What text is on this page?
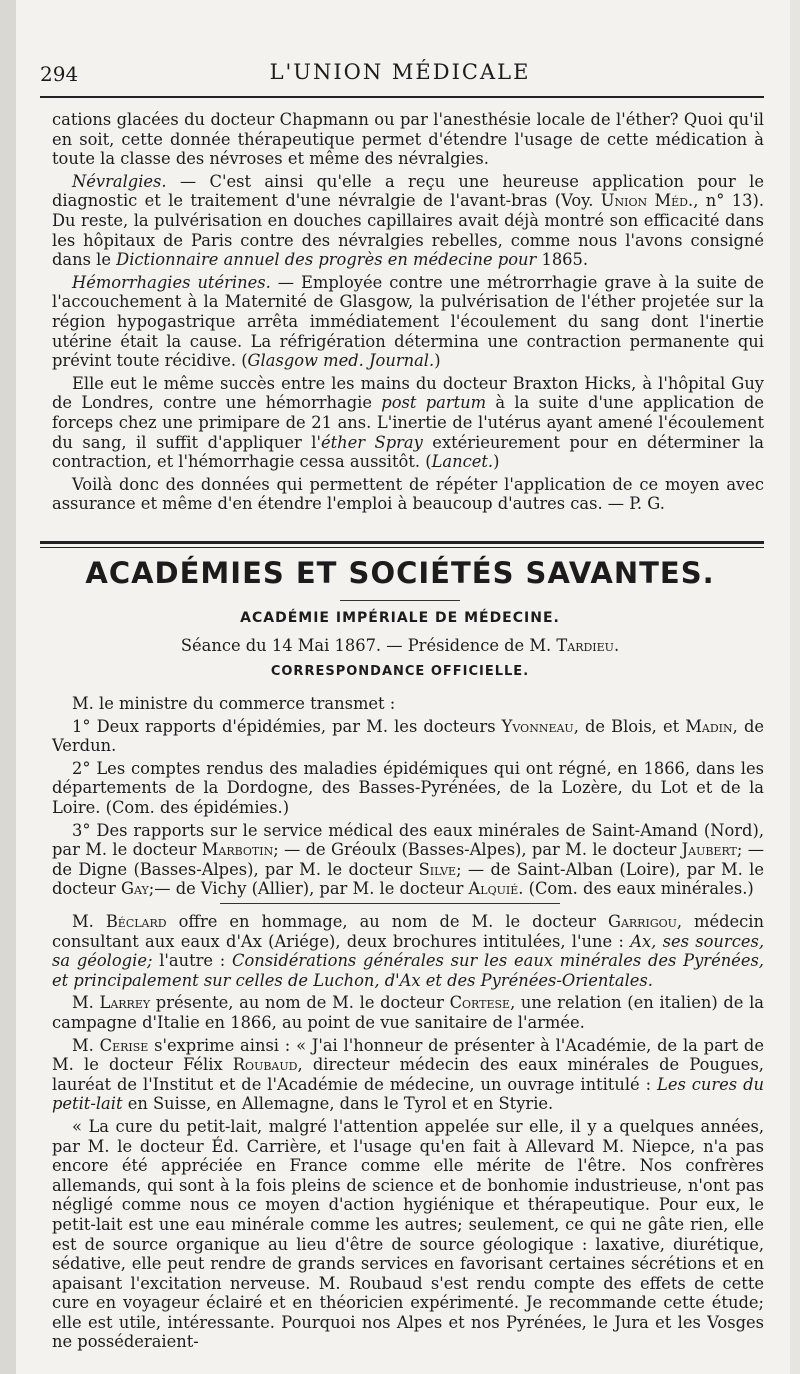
294	L'UNION MÉDICALE

cations glacées du docteur Chapmann ou par l'anesthésie locale de l'éther? Quoi qu'il en soit, cette donnée thérapeutique permet d'étendre l'usage de cette médication à toute la classe des névroses et même des névralgies.

Névralgies. — C'est ainsi qu'elle a reçu une heureuse application pour le diagnostic et le traitement d'une névralgie de l'avant-bras (Voy. Union Méd., n° 13). Du reste, la pulvérisation en douches capillaires avait déjà montré son efficacité dans les hôpitaux de Paris contre des névralgies rebelles, comme nous l'avons consigné dans le Dictionnaire annuel des progrès en médecine pour 1865.

Hémorrhagies utérines. — Employée contre une métrorrhagie grave à la suite de l'accouchement à la Maternité de Glasgow, la pulvérisation de l'éther projetée sur la région hypogastrique arrêta immédiatement l'écoulement du sang dont l'inertie utérine était la cause. La réfrigération détermina une contraction permanente qui prévint toute récidive. (Glasgow med. Journal.)

Elle eut le même succès entre les mains du docteur Braxton Hicks, à l'hôpital Guy de Londres, contre une hémorrhagie post partum à la suite d'une application de forceps chez une primipare de 21 ans. L'inertie de l'utérus ayant amené l'écoulement du sang, il suffit d'appliquer l'éther Spray extérieurement pour en déterminer la contraction, et l'hémorrhagie cessa aussitôt. (Lancet.)

Voilà donc des données qui permettent de répéter l'application de ce moyen avec assurance et même d'en étendre l'emploi à beaucoup d'autres cas. — P. G.

ACADÉMIES ET SOCIÉTÉS SAVANTES.
ACADÉMIE IMPÉRIALE DE MÉDECINE.
Séance du 14 Mai 1867. — Présidence de M. Tardieu.
CORRESPONDANCE OFFICIELLE.

M. le ministre du commerce transmet :

1° Deux rapports d'épidémies, par M. les docteurs Yvonneau, de Blois, et Madin, de Verdun.

2° Les comptes rendus des maladies épidémiques qui ont régné, en 1866, dans les départements de la Dordogne, des Basses-Pyrénées, de la Lozère, du Lot et de la Loire. (Com. des épidémies.)

3° Des rapports sur le service médical des eaux minérales de Saint-Amand (Nord), par M. le docteur Marbotin; — de Gréoulx (Basses-Alpes), par M. le docteur Jaubert; — de Digne (Basses-Alpes), par M. le docteur Silve; — de Saint-Alban (Loire), par M. le docteur Gay;— de Vichy (Allier), par M. le docteur Alquié. (Com. des eaux minérales.)

M. Béclard offre en hommage, au nom de M. le docteur Garrigou, médecin consultant aux eaux d'Ax (Ariége), deux brochures intitulées, l'une : Ax, ses sources, sa géologie; l'autre : Considérations générales sur les eaux minérales des Pyrénées, et principalement sur celles de Luchon, d'Ax et des Pyrénées-Orientales.

M. Larrey présente, au nom de M. le docteur Cortese, une relation (en italien) de la campagne d'Italie en 1866, au point de vue sanitaire de l'armée.

M. Cerise s'exprime ainsi : « J'ai l'honneur de présenter à l'Académie, de la part de M. le docteur Félix Roubaud, directeur médecin des eaux minérales de Pougues, lauréat de l'Institut et de l'Académie de médecine, un ouvrage intitulé : Les cures du petit-lait en Suisse, en Allemagne, dans le Tyrol et en Styrie.

« La cure du petit-lait, malgré l'attention appelée sur elle, il y a quelques années, par M. le docteur Éd. Carrière, et l'usage qu'en fait à Allevard M. Niepce, n'a pas encore été appréciée en France comme elle mérite de l'être. Nos confrères allemands, qui sont à la fois pleins de science et de bonhomie industrieuse, n'ont pas négligé comme nous ce moyen d'action hygiénique et thérapeutique. Pour eux, le petit-lait est une eau minérale comme les autres; seulement, ce qui ne gâte rien, elle est de source organique au lieu d'être de source géologique : laxative, diurétique, sédative, elle peut rendre de grands services en favorisant certaines sécrétions et en apaisant l'excitation nerveuse. M. Roubaud s'est rendu compte des effets de cette cure en voyageur éclairé et en théoricien expérimenté. Je recommande cette étude; elle est utile, intéressante. Pourquoi nos Alpes et nos Pyrénées, le Jura et les Vosges ne posséderaient-
